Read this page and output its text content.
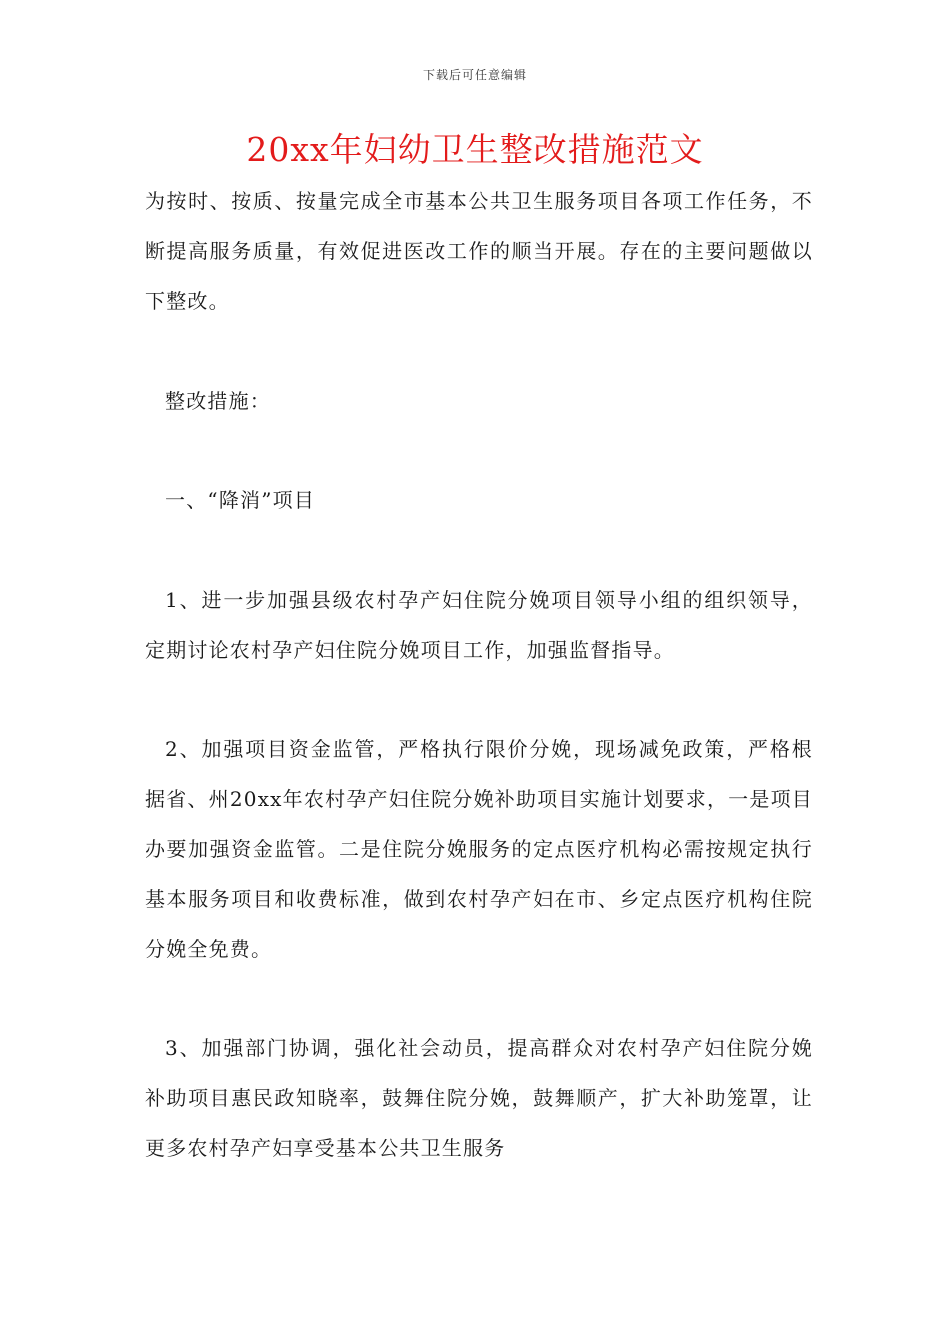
下载后可任意编辑
20xx年妇幼卫生整改措施范文

为按时、按质、按量完成全市基本公共卫生服务项目各项工作任务，不断提高服务质量，有效促进医改工作的顺当开展。存在的主要问题做以下整改。

整改措施：

一、“降消”项目

1、进一步加强县级农村孕产妇住院分娩项目领导小组的组织领导，定期讨论农村孕产妇住院分娩项目工作，加强监督指导。

2、加强项目资金监管，严格执行限价分娩，现场减免政策，严格根据省、州20xx年农村孕产妇住院分娩补助项目实施计划要求，一是项目办要加强资金监管。二是住院分娩服务的定点医疗机构必需按规定执行基本服务项目和收费标准，做到农村孕产妇在市、乡定点医疗机构住院分娩全免费。

3、加强部门协调，强化社会动员，提高群众对农村孕产妇住院分娩补助项目惠民政知晓率，鼓舞住院分娩，鼓舞顺产，扩大补助笼罩，让更多农村孕产妇享受基本公共卫生服务
